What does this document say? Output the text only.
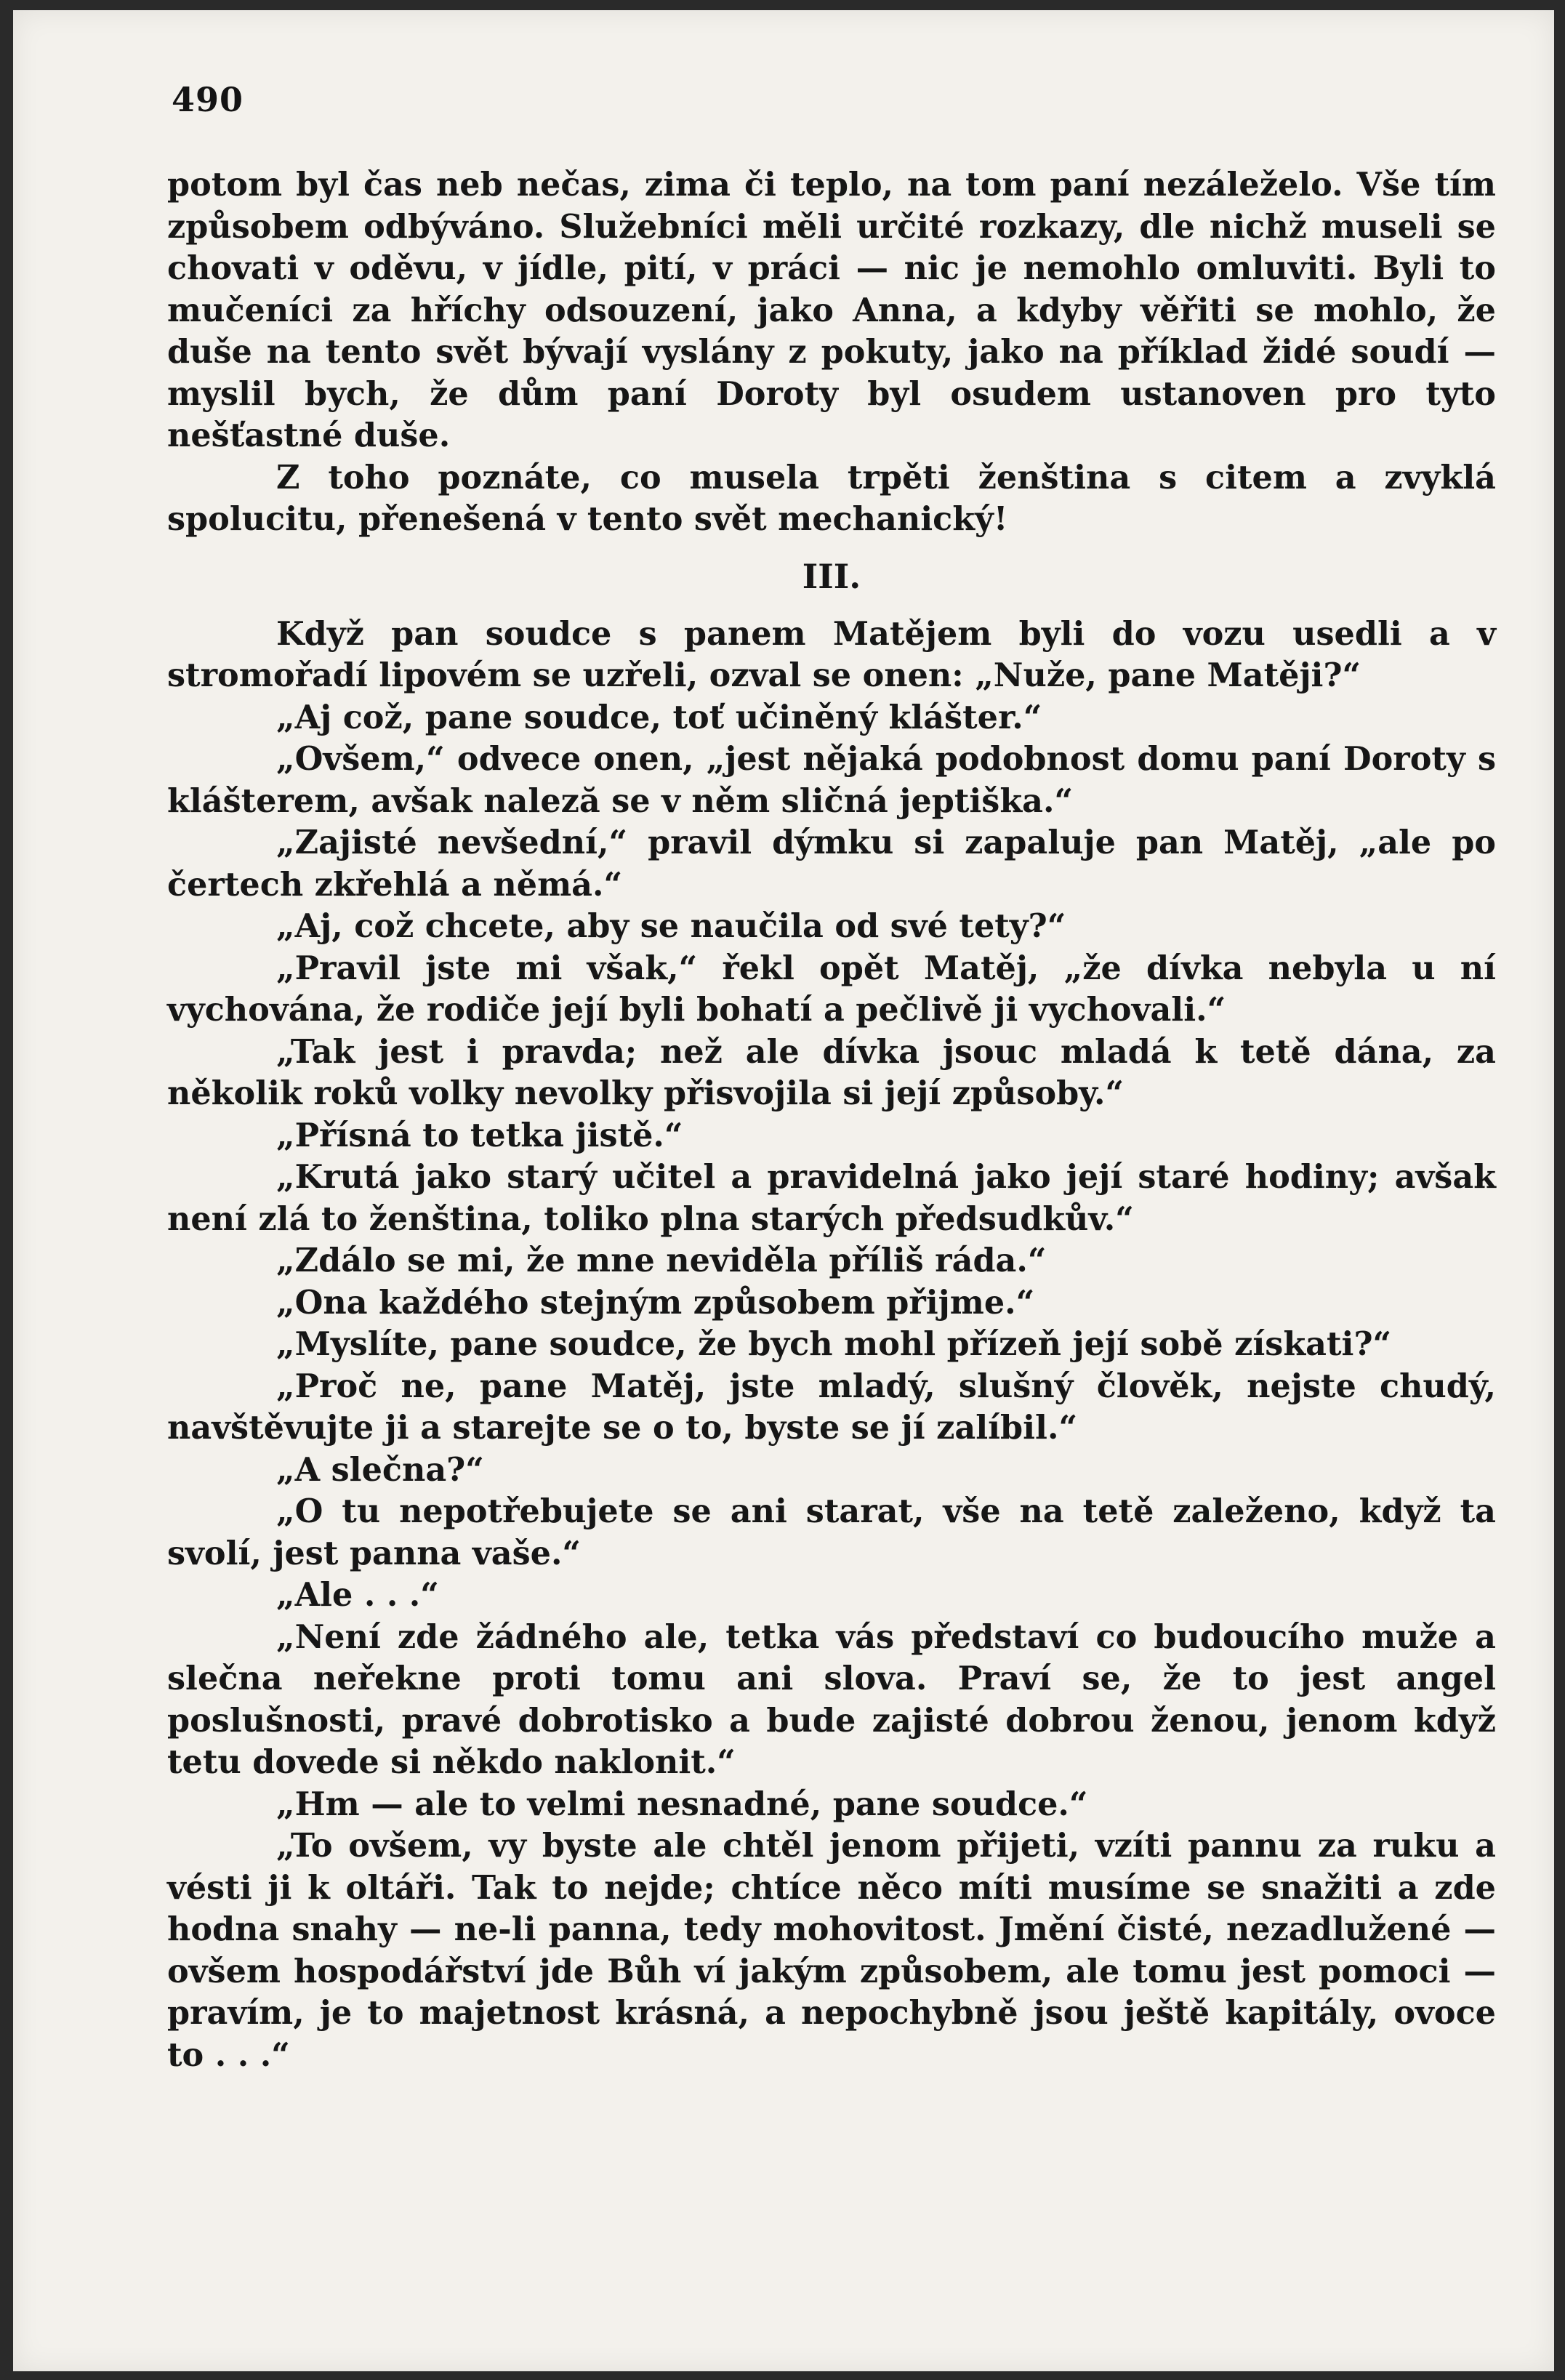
490

potom byl čas neb nečas, zima či teplo, na tom paní nezáleželo. Vše tím způsobem odbýváno. Služebníci měli určité rozkazy, dle nichž museli se chovati v oděvu, v jídle, pití, v práci — nic je nemohlo omluviti. Byli to mučeníci za hříchy odsouzení, jako Anna, a kdyby věřiti se mohlo, že duše na tento svět bývají vyslány z pokuty, jako na příklad židé soudí — myslil bych, že dům paní Doroty byl osudem ustanoven pro tyto nešťastné duše.

Z toho poznáte, co musela trpěti ženština s citem a zvyklá spolucitu, přenešená v tento svět mechanický!

III.

Když pan soudce s panem Matějem byli do vozu usedli a v stromořadí lipovém se uzřeli, ozval se onen: „Nuže, pane Matěji?“

„Aj což, pane soudce, toť učiněný klášter.“

„Ovšem,“ odvece onen, „jest nějaká podobnost domu paní Doroty s klášterem, avšak naleză se v něm sličná jeptiška.“

„Zajisté nevšední,“ pravil dýmku si zapaluje pan Matěj, „ale po čertech zkřehlá a němá.“

„Aj, což chcete, aby se naučila od své tety?“

„Pravil jste mi však,“ řekl opět Matěj, „že dívka nebyla u ní vychována, že rodiče její byli bohatí a pečlivě ji vychovali.“

„Tak jest i pravda; než ale dívka jsouc mladá k tetě dána, za několik roků volky nevolky přisvojila si její způsoby.“

„Přísná to tetka jistě.“

„Krutá jako starý učitel a pravidelná jako její staré hodiny; avšak není zlá to ženština, toliko plna starých předsudkův.“

„Zdálo se mi, že mne neviděla příliš ráda.“

„Ona každého stejným způsobem přijme.“

„Myslíte, pane soudce, že bych mohl přízeň její sobě získati?“

„Proč ne, pane Matěj, jste mladý, slušný člověk, nejste chudý, navštěvujte ji a starejte se o to, byste se jí zalíbil.“

„A slečna?“

„O tu nepotřebujete se ani starat, vše na tetě zaleženo, když ta svolí, jest panna vaše.“

„Ale . . .“

„Není zde žádného ale, tetka vás představí co budoucího muže a slečna neřekne proti tomu ani slova. Praví se, že to jest angel poslušnosti, pravé dobrotisko a bude zajisté dobrou ženou, jenom když tetu dovede si někdo naklonit.“

„Hm — ale to velmi nesnadné, pane soudce.“

„To ovšem, vy byste ale chtěl jenom přijeti, vzíti pannu za ruku a vésti ji k oltáři. Tak to nejde; chtíce něco míti musíme se snažiti a zde hodna snahy — ne-li panna, tedy mohovitost. Jmění čisté, nezadlužené — ovšem hospodářství jde Bůh ví jakým způsobem, ale tomu jest pomoci — pravím, je to majetnost krásná, a nepochybně jsou ještě kapitály, ovoce to . . .“
